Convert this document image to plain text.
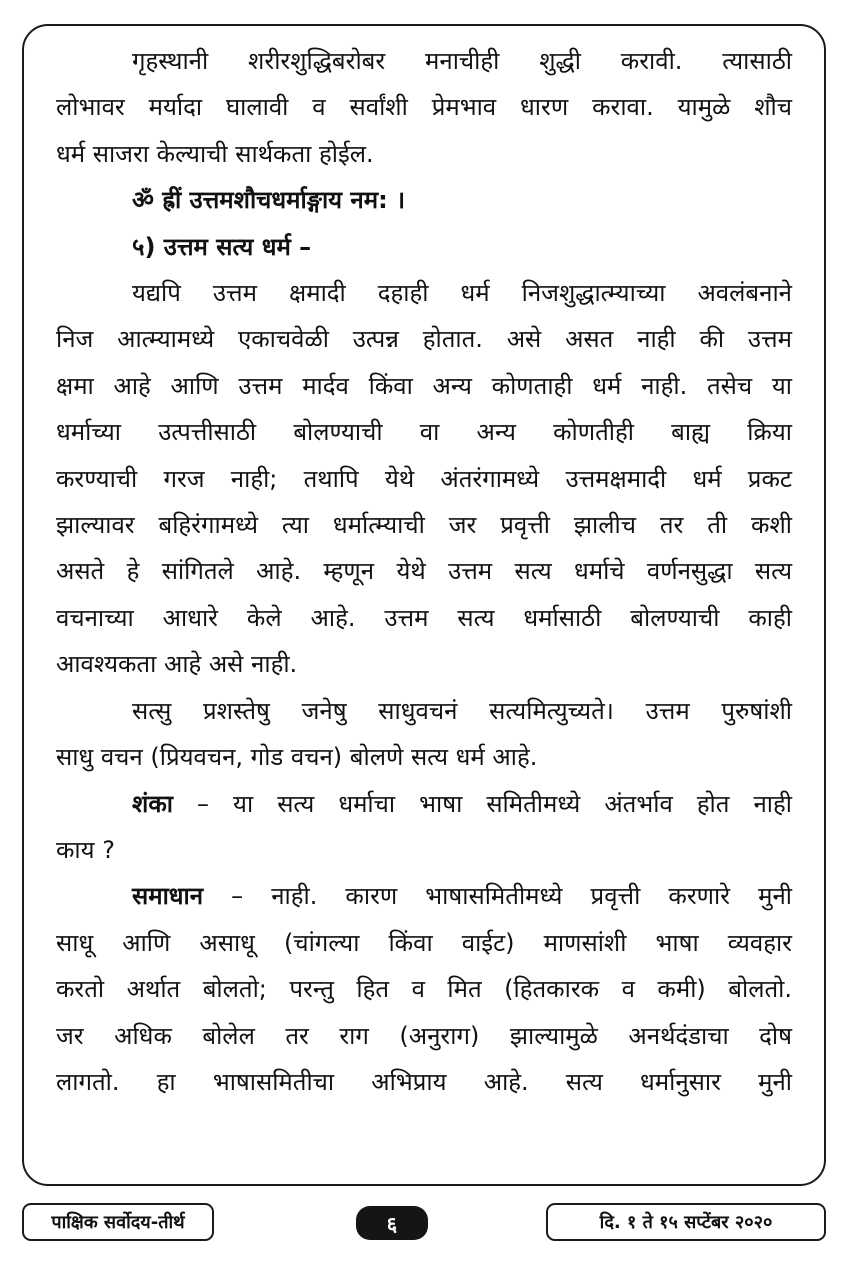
गृहस्थानी शरीरशुद्धिबरोबर मनाचीही शुद्धी करावी. त्यासाठी
लोभावर मर्यादा घालावी व सर्वांशी प्रेमभाव धारण करावा. यामुळे शौच
धर्म साजरा केल्याची सार्थकता होईल.
ॐ ह्रीं उत्तमशौचधर्माङ्गाय नम: ।
५) उत्तम सत्य धर्म –
यद्यपि उत्तम क्षमादी दहाही धर्म निजशुद्धात्म्याच्या अवलंबनाने
निज आत्म्यामध्ये एकाचवेळी उत्पन्न होतात. असे असत नाही की उत्तम
क्षमा आहे आणि उत्तम मार्दव किंवा अन्य कोणताही धर्म नाही. तसेच या
धर्माच्या उत्पत्तीसाठी बोलण्याची वा अन्य कोणतीही बाह्य क्रिया
करण्याची गरज नाही; तथापि येथे अंतरंगामध्ये उत्तमक्षमादी धर्म प्रकट
झाल्यावर बहिरंगामध्ये त्या धर्मात्म्याची जर प्रवृत्ती झालीच तर ती कशी
असते हे सांगितले आहे. म्हणून येथे उत्तम सत्य धर्माचे वर्णनसुद्धा सत्य
वचनाच्या आधारे केले आहे. उत्तम सत्य धर्मासाठी बोलण्याची काही
आवश्यकता आहे असे नाही.
सत्सु प्रशस्तेषु जनेषु साधुवचनं सत्यमित्युच्यते। उत्तम पुरुषांशी
साधु वचन (प्रियवचन, गोड वचन) बोलणे सत्य धर्म आहे.
शंका – या सत्य धर्माचा भाषा समितीमध्ये अंतर्भाव होत नाही
काय ?
समाधान – नाही. कारण भाषासमितीमध्ये प्रवृत्ती करणारे मुनी
साधू आणि असाधू (चांगल्या किंवा वाईट) माणसांशी भाषा व्यवहार
करतो अर्थात बोलतो; परन्तु हित व मित (हितकारक व कमी) बोलतो.
जर अधिक बोलेल तर राग (अनुराग) झाल्यामुळे अनर्थदंडाचा दोष
लागतो. हा भाषासमितीचा अभिप्राय आहे. सत्य धर्मानुसार मुनी
पाक्षिक सर्वोदय-तीर्थ	६	दि. १ ते १५ सप्टेंबर २०२०
